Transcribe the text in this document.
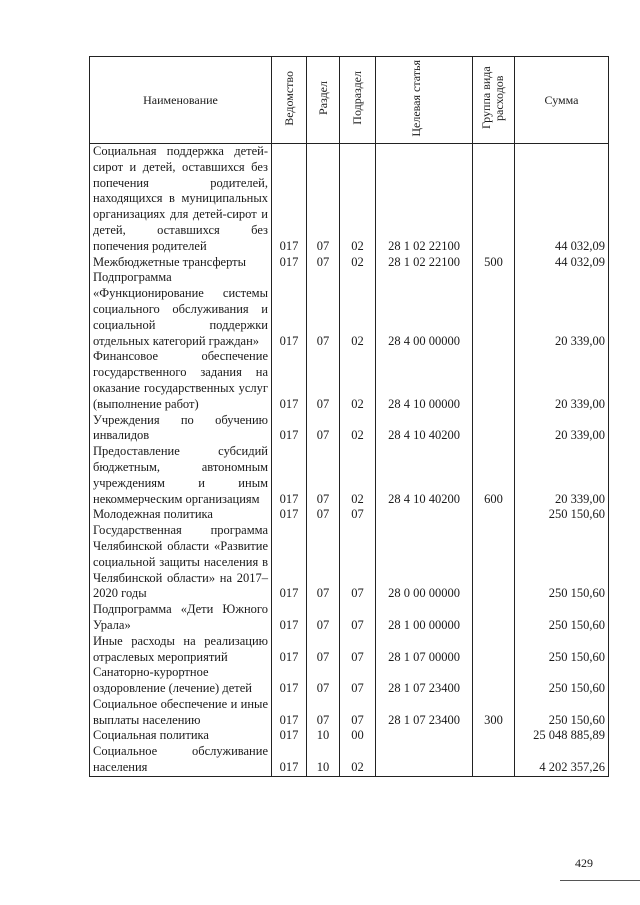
Наименование	Ведомство	Раздел	Подраздел	Целевая статья	Группа вида расходов	Сумма
Социальная поддержка детей-сирот и детей, оставшихся без попечения родителей, находящихся в муниципальных организациях для детей-сирот и детей, оставшихся без попечения родителей	017	07	02	28 1 02 22100		44 032,09
Межбюджетные трансферты	017	07	02	28 1 02 22100	500	44 032,09
Подпрограмма «Функционирование системы социального обслуживания и социальной поддержки отдельных категорий граждан»	017	07	02	28 4 00 00000		20 339,00
Финансовое обеспечение государственного задания на оказание государственных услуг (выполнение работ)	017	07	02	28 4 10 00000		20 339,00
Учреждения по обучению инвалидов	017	07	02	28 4 10 40200		20 339,00
Предоставление субсидий бюджетным, автономным учреждениям и иным некоммерческим организациям	017	07	02	28 4 10 40200	600	20 339,00
Молодежная политика	017	07	07			250 150,60
Государственная программа Челябинской области «Развитие социальной защиты населения в Челябинской области» на 2017–2020 годы	017	07	07	28 0 00 00000		250 150,60
Подпрограмма «Дети Южного Урала»	017	07	07	28 1 00 00000		250 150,60
Иные расходы на реализацию отраслевых мероприятий	017	07	07	28 1 07 00000		250 150,60
Санаторно-курортное оздоровление (лечение) детей	017	07	07	28 1 07 23400		250 150,60
Социальное обеспечение и иные выплаты населению	017	07	07	28 1 07 23400	300	250 150,60
Социальная политика	017	10	00			25 048 885,89
Социальное обслуживание населения	017	10	02			4 202 357,26
429
